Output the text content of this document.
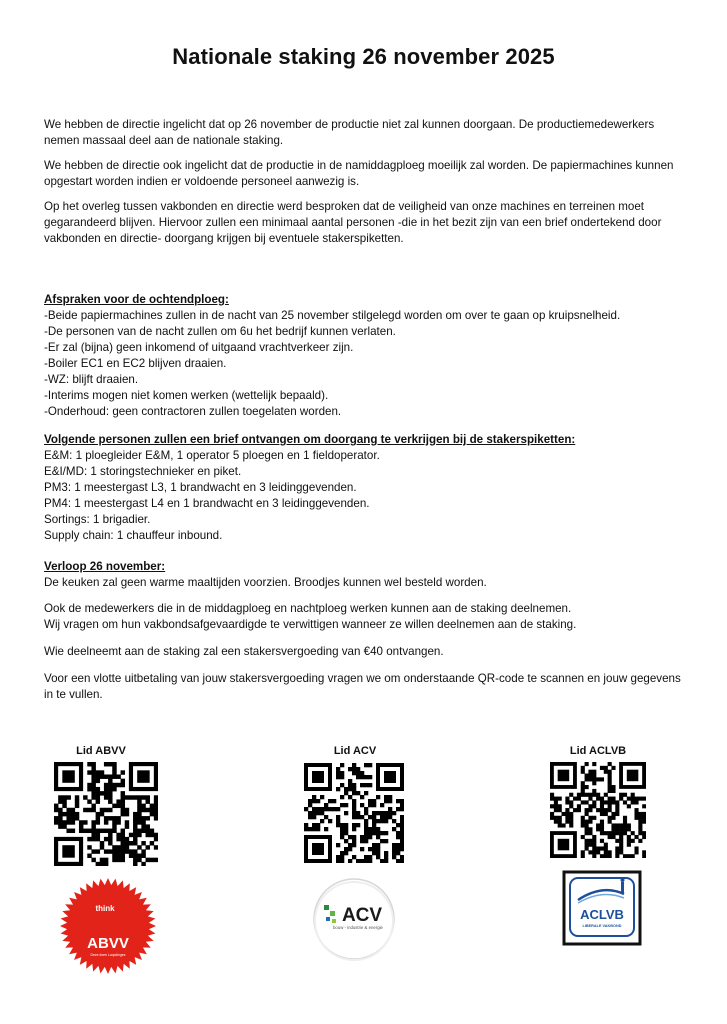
Nationale staking 26 november 2025

We hebben de directie ingelicht dat op 26 november de productie niet zal kunnen doorgaan. De productiemedewerkers nemen massaal deel aan de nationale staking.

We hebben de directie ook ingelicht dat de productie in de namiddagploeg moeilijk zal worden. De papiermachines kunnen opgestart worden indien er voldoende personeel aanwezig is.

Op het overleg tussen vakbonden en directie werd besproken dat de veiligheid van onze machines en terreinen moet gegarandeerd blijven. Hiervoor zullen een minimaal aantal personen -die in het bezit zijn van een brief ondertekend door vakbonden en directie- doorgang krijgen bij eventuele stakerspiketten.

Afspraken voor de ochtendploeg:
-Beide papiermachines zullen in de nacht van 25 november stilgelegd worden om over te gaan op kruipsnelheid.
-De personen van de nacht zullen om 6u het bedrijf kunnen verlaten.
-Er zal (bijna) geen inkomend of uitgaand vrachtverkeer zijn.
-Boiler EC1 en EC2 blijven draaien.
-WZ: blijft draaien.
-Interims mogen niet komen werken (wettelijk bepaald).
-Onderhoud: geen contractoren zullen toegelaten worden.
Volgende personen zullen een brief ontvangen om doorgang te verkrijgen bij de stakerspiketten:
E&M: 1 ploegleider E&M, 1 operator 5 ploegen en 1 fieldoperator.
E&I/MD: 1 storingstechnieker en piket.
PM3: 1 meestergast L3, 1 brandwacht en 3 leidinggevenden.
PM4: 1 meestergast L4 en 1 brandwacht en 3 leidinggevenden.
Sortings: 1 brigadier.
Supply chain: 1 chauffeur inbound.
Verloop 26 november:
De keuken zal geen warme maaltijden voorzien. Broodjes kunnen wel besteld worden.
Ook de medewerkers die in de middagploeg en nachtploeg werken kunnen aan de staking deelnemen.
Wij vragen om hun vakbondsafgevaardigde te verwittigen wanneer ze willen deelnemen aan de staking.
Wie deelneemt aan de staking zal een stakersvergoeding van €40 ontvangen.
Voor een vlotte uitbetaling van jouw stakersvergoeding vragen we om onderstaande QR-code te scannen en jouw gegevens in te vullen.
Lid ABVV	Lid ACV	Lid ACLVB
think
ABVV
Deze doen Loopdinges
ACV
bouw - industrie & energie
ACLVB
LIBERALE VAKBOND
